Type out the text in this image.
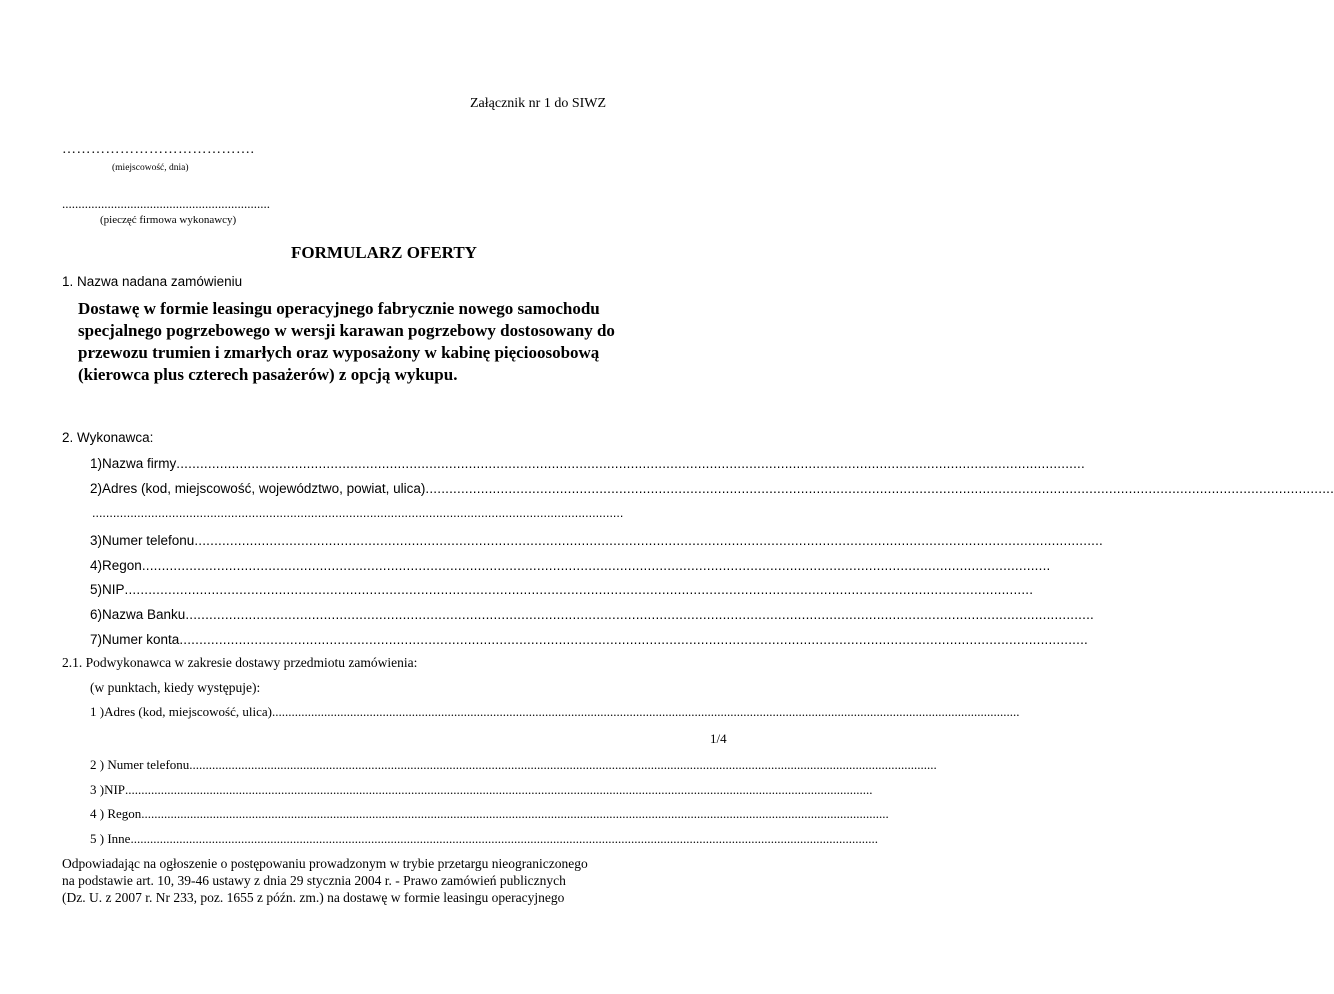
Załącznik nr 1 do SIWZ
………………………………….
(miejscowość, dnia)
................................................................
(pieczęć firmowa wykonawcy)
FORMULARZ OFERTY
1. Nazwa nadana zamówieniu
Dostawę w formie leasingu operacyjnego fabrycznie nowego samochodu
specjalnego pogrzebowego w wersji karawan pogrzebowy dostosowany do
przewozu trumien i zmarłych oraz wyposażony w kabinę pięcioosobową
(kierowca plus czterech pasażerów) z opcją wykupu.
2. Wykonawca:
1) Nazwa firmy ......................................................................................................................................................................................................................................
2) Adres (kod, miejscowość, województwo, powiat, ulica) ......................................................................................................................................................................................................................................
.........................................................................................................................................................
3) Numer telefonu ......................................................................................................................................................................................................................................
4) Regon ......................................................................................................................................................................................................................................
5) NIP ......................................................................................................................................................................................................................................
6) Nazwa Banku ......................................................................................................................................................................................................................................
7) Numer konta ......................................................................................................................................................................................................................................
2.1. Podwykonawca w zakresie dostawy przedmiotu zamówienia:
(w punktach, kiedy występuje):
1 )Adres (kod, miejscowość, ulica) ......................................................................................................................................................................................................................................
1/4
2 ) Numer telefonu ......................................................................................................................................................................................................................................
3 )NIP ......................................................................................................................................................................................................................................
4 ) Regon ......................................................................................................................................................................................................................................
5 ) Inne ......................................................................................................................................................................................................................................
Odpowiadając na ogłoszenie o postępowaniu prowadzonym w trybie przetargu nieograniczonego
na podstawie art. 10, 39-46 ustawy z dnia 29 stycznia 2004 r. - Prawo zamówień publicznych
(Dz. U. z 2007 r. Nr 233, poz. 1655 z późn. zm.) na dostawę w formie leasingu operacyjnego
